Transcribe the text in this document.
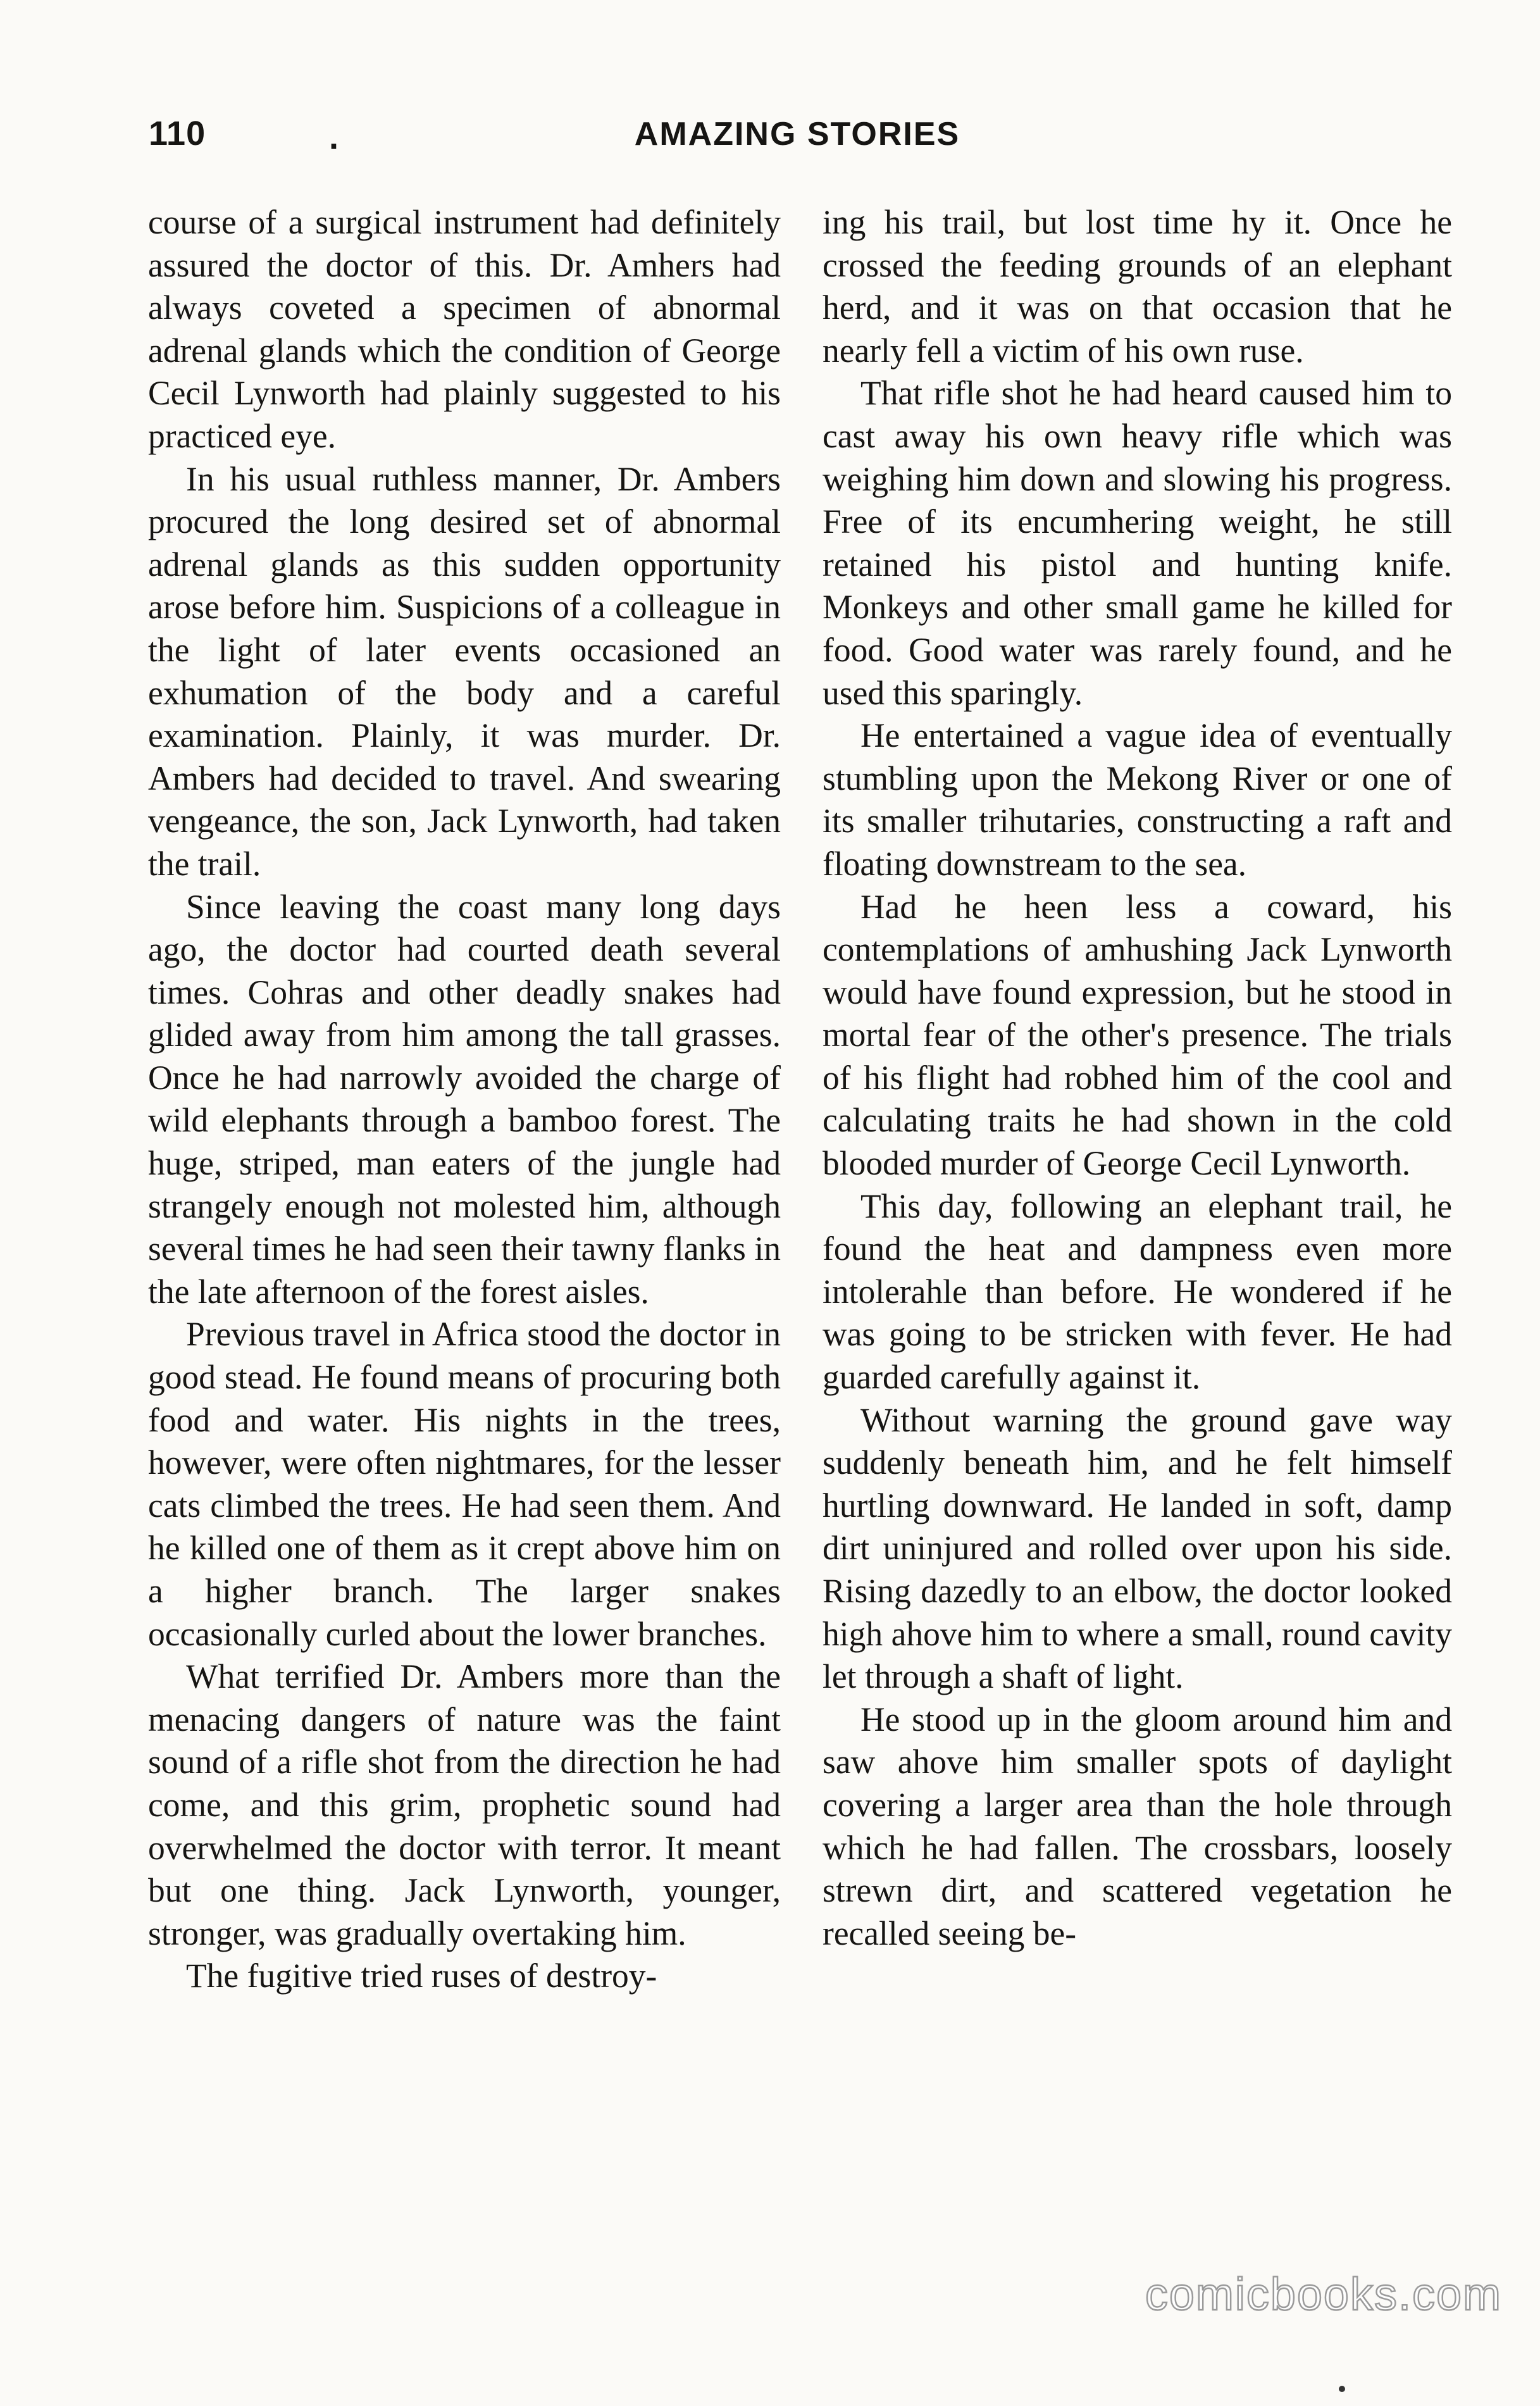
110	.	AMAZING STORIES

course of a surgical instrument had definitely assured the doctor of this. Dr. Amhers had always coveted a specimen of abnormal adrenal glands which the condition of George Cecil Lynworth had plainly suggested to his practiced eye.

In his usual ruthless manner, Dr. Ambers procured the long desired set of abnormal adrenal glands as this sudden opportunity arose before him. Suspicions of a colleague in the light of later events occasioned an exhumation of the body and a careful examination. Plainly, it was murder. Dr. Ambers had decided to travel. And swearing vengeance, the son, Jack Lynworth, had taken the trail.

Since leaving the coast many long days ago, the doctor had courted death several times. Cohras and other deadly snakes had glided away from him among the tall grasses. Once he had narrowly avoided the charge of wild elephants through a bamboo forest. The huge, striped, man eaters of the jungle had strangely enough not molested him, although several times he had seen their tawny flanks in the late afternoon of the forest aisles.

Previous travel in Africa stood the doctor in good stead. He found means of procuring both food and water. His nights in the trees, however, were often nightmares, for the lesser cats climbed the trees. He had seen them. And he killed one of them as it crept above him on a higher branch. The larger snakes occasionally curled about the lower branches.

What terrified Dr. Ambers more than the menacing dangers of nature was the faint sound of a rifle shot from the direction he had come, and this grim, prophetic sound had overwhelmed the doctor with terror. It meant but one thing. Jack Lynworth, younger, stronger, was gradually overtaking him.

The fugitive tried ruses of destroy-

ing his trail, but lost time hy it. Once he crossed the feeding grounds of an elephant herd, and it was on that occasion that he nearly fell a victim of his own ruse.

That rifle shot he had heard caused him to cast away his own heavy rifle which was weighing him down and slowing his progress. Free of its encumhering weight, he still retained his pistol and hunting knife. Monkeys and other small game he killed for food. Good water was rarely found, and he used this sparingly.

He entertained a vague idea of eventually stumbling upon the Mekong River or one of its smaller trihutaries, constructing a raft and floating downstream to the sea.

Had he heen less a coward, his contemplations of amhushing Jack Lynworth would have found expression, but he stood in mortal fear of the other's presence. The trials of his flight had robhed him of the cool and calculating traits he had shown in the cold blooded murder of George Cecil Lynworth.

This day, following an elephant trail, he found the heat and dampness even more intolerahle than before. He wondered if he was going to be stricken with fever. He had guarded carefully against it.

Without warning the ground gave way suddenly beneath him, and he felt himself hurtling downward. He landed in soft, damp dirt uninjured and rolled over upon his side. Rising dazedly to an elbow, the doctor looked high ahove him to where a small, round cavity let through a shaft of light.

He stood up in the gloom around him and saw ahove him smaller spots of daylight covering a larger area than the hole through which he had fallen. The crossbars, loosely strewn dirt, and scattered vegetation he recalled seeing be-

comicbooks.com
